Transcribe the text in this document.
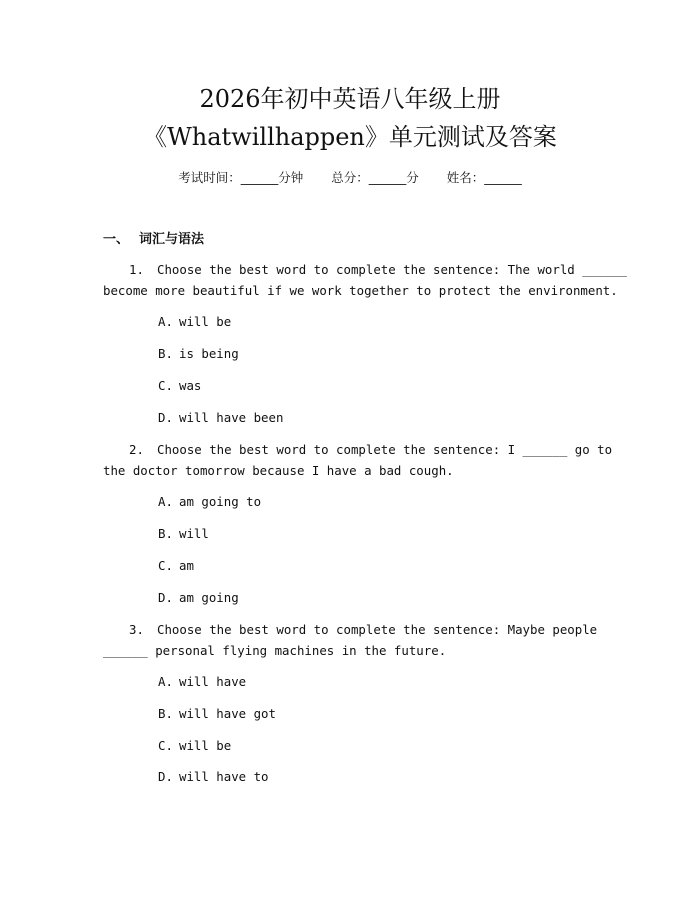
2026年初中英语八年级上册
《Whatwillhappen》单元测试及答案
考试时间：______分钟 总分：______分 姓名：______
一、 词汇与语法
1. Choose the best word to complete the sentence: The world ______
become more beautiful if we work together to protect the environment.
A. will be
B. is being
C. was
D. will have been
2. Choose the best word to complete the sentence: I ______ go to
the doctor tomorrow because I have a bad cough.
A. am going to
B. will
C. am
D. am going
3. Choose the best word to complete the sentence: Maybe people
______ personal flying machines in the future.
A. will have
B. will have got
C. will be
D. will have to
